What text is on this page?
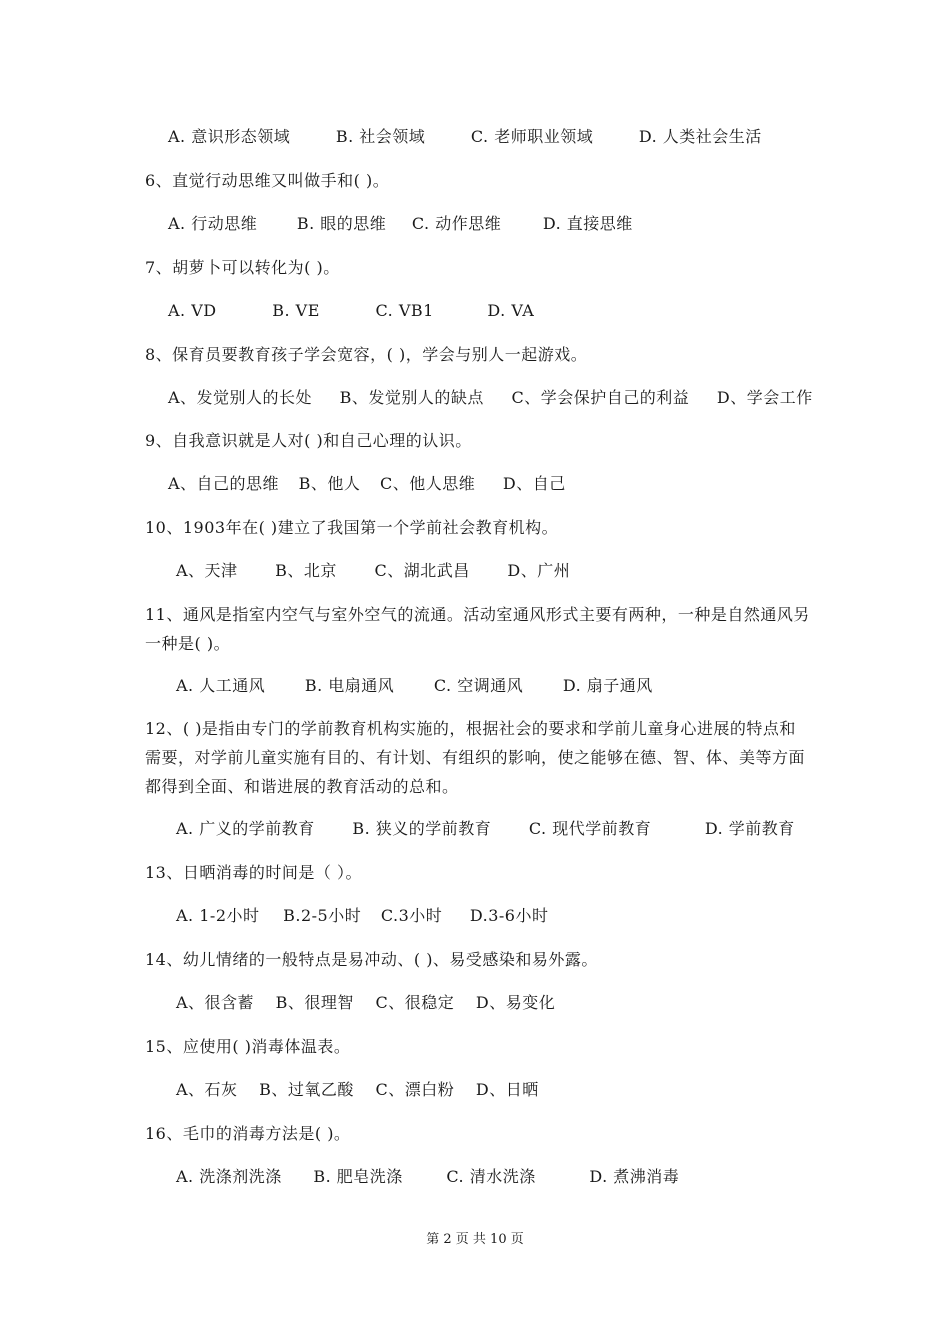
A. 意识形态领域	B. 社会领域	C. 老师职业领域	D. 人类社会生活
6、直觉行动思维又叫做手和( )。
A. 行动思维 B. 眼的思维 C. 动作思维	D. 直接思维
7、胡萝卜可以转化为( )。
A. VD	B. VE	C. VB1	D. VA
8、保育员要教育孩子学会宽容，( )，学会与别人一起游戏。
A、发觉别人的长处 B、发觉别人的缺点 C、学会保护自己的利益 D、学会工作
9、自我意识就是人对( )和自己心理的认识。
A、自己的思维 B、他人 C、他人思维 D、自己
10、1903年在( )建立了我国第一个学前社会教育机构。
A、天津 B、北京 C、湖北武昌 D、广州
11、通风是指室内空气与室外空气的流通。活动室通风形式主要有两种，一种是自然通风另一种是( )。
A. 人工通风 B. 电扇通风 C. 空调通风 D. 扇子通风
12、( )是指由专门的学前教育机构实施的，根据社会的要求和学前儿童身心进展的特点和需要，对学前儿童实施有目的、有计划、有组织的影响，使之能够在德、智、体、美等方面都得到全面、和谐进展的教育活动的总和。
A. 广义的学前教育 B. 狭义的学前教育 C. 现代学前教育	D. 学前教育
13、日晒消毒的时间是（ ）。
A. 1-2小时 B.2-5小时 C.3小时 D.3-6小时
14、幼儿情绪的一般特点是易冲动、( )、易受感染和易外露。
A、很含蓄 B、很理智 C、很稳定 D、易变化
15、应使用( )消毒体温表。
A、石灰 B、过氧乙酸 C、漂白粉 D、日晒
16、毛巾的消毒方法是( )。
A. 洗涤剂洗涤 B. 肥皂洗涤	C. 清水洗涤	D. 煮沸消毒
第 2 页 共 10 页
